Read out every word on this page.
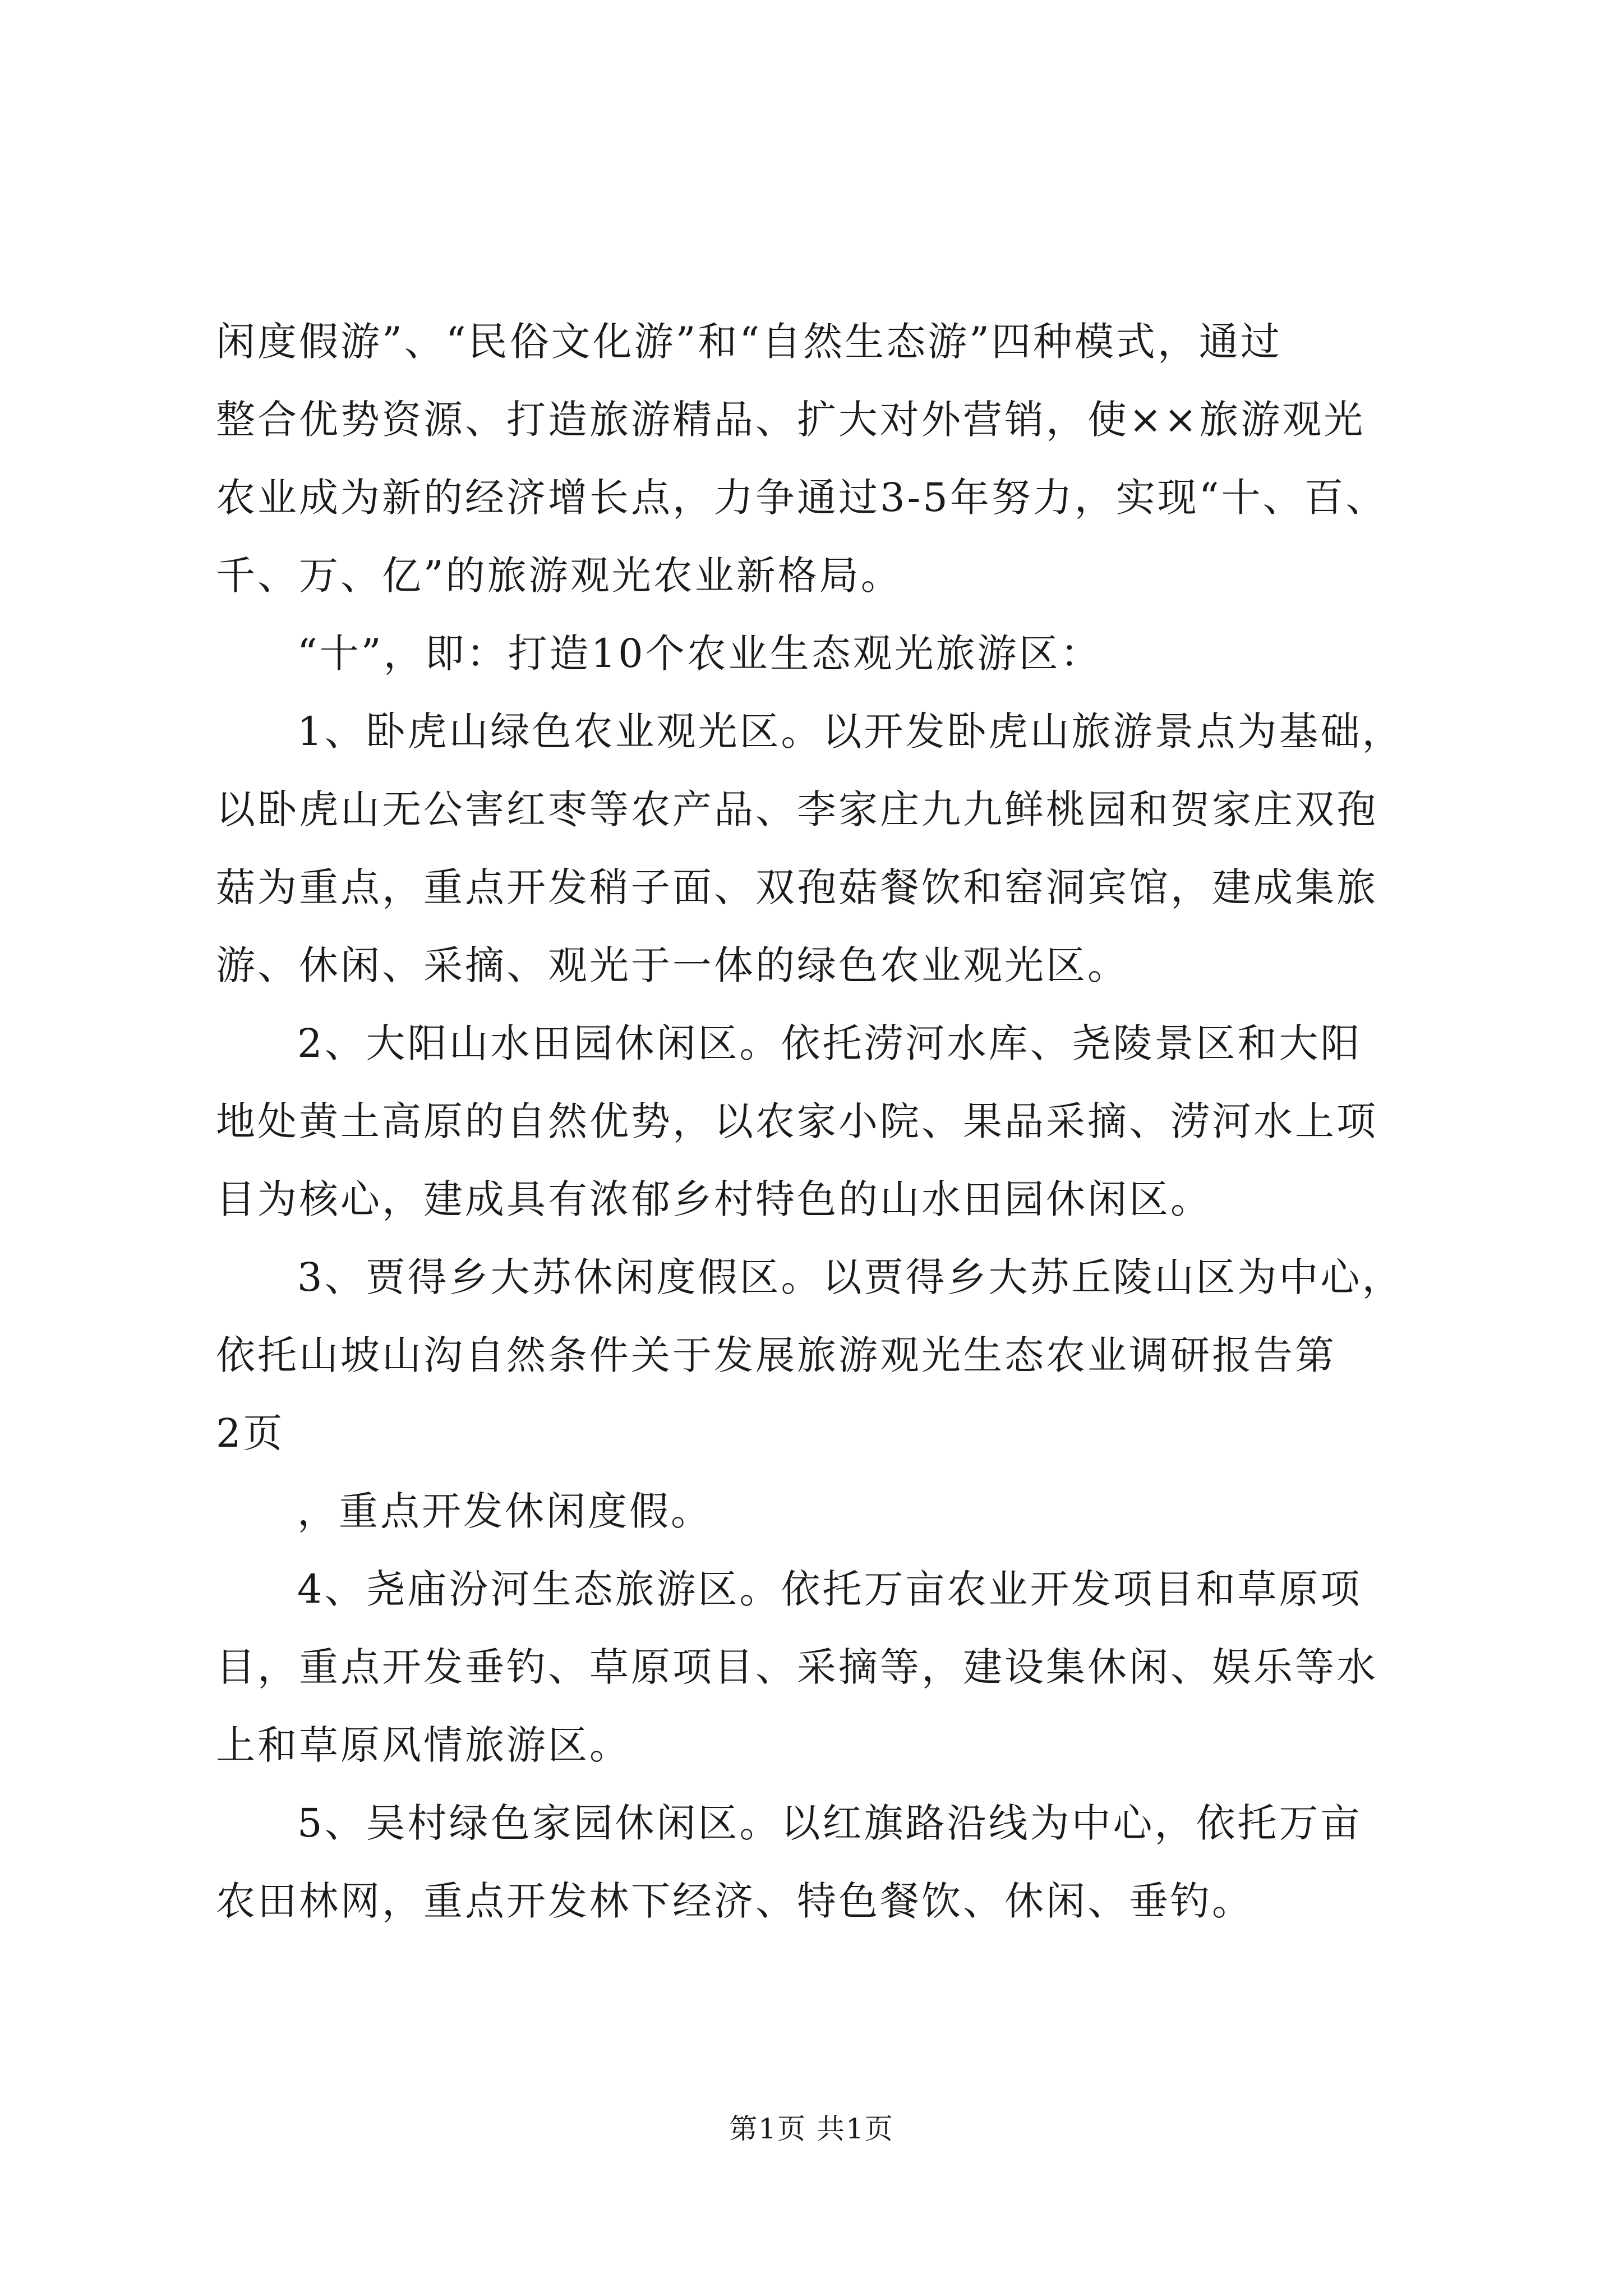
闲度假游”、“民俗文化游”和“自然生态游”四种模式，通过
整合优势资源、打造旅游精品、扩大对外营销，使××旅游观光
农业成为新的经济增长点，力争通过3-5年努力，实现“十、百、
千、万、亿”的旅游观光农业新格局。
“十”，即：打造10个农业生态观光旅游区：
1、卧虎山绿色农业观光区。以开发卧虎山旅游景点为基础，
以卧虎山无公害红枣等农产品、李家庄九九鲜桃园和贺家庄双孢
菇为重点，重点开发稍子面、双孢菇餐饮和窑洞宾馆，建成集旅
游、休闲、采摘、观光于一体的绿色农业观光区。
2、大阳山水田园休闲区。依托涝河水库、尧陵景区和大阳
地处黄土高原的自然优势，以农家小院、果品采摘、涝河水上项
目为核心，建成具有浓郁乡村特色的山水田园休闲区。
3、贾得乡大苏休闲度假区。以贾得乡大苏丘陵山区为中心，
依托山坡山沟自然条件关于发展旅游观光生态农业调研报告第
2页
，重点开发休闲度假。
4、尧庙汾河生态旅游区。依托万亩农业开发项目和草原项
目，重点开发垂钓、草原项目、采摘等，建设集休闲、娱乐等水
上和草原风情旅游区。
5、吴村绿色家园休闲区。以红旗路沿线为中心，依托万亩
农田林网，重点开发林下经济、特色餐饮、休闲、垂钓。
第1页 共1页
